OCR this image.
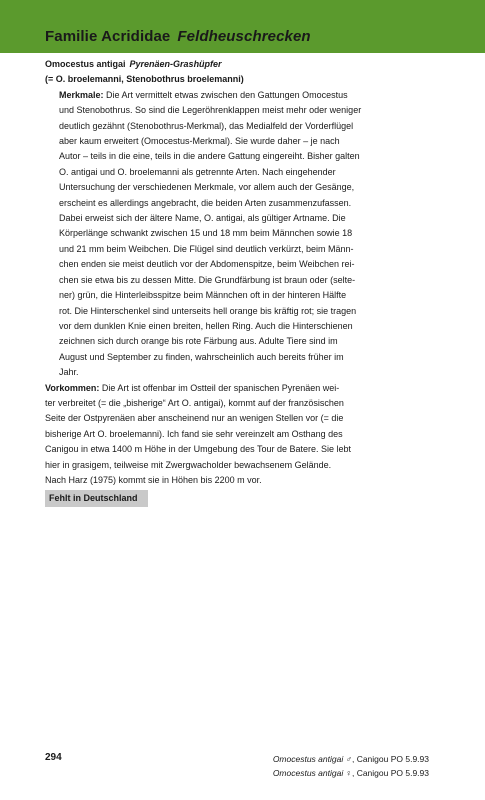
Familie Acrididae Feldheuschrecken
Omocestus antigai Pyrenäen-Grashüpfer
(= O. broelemanni, Stenobothrus broelemanni)
Merkmale: Die Art vermittelt etwas zwischen den Gattungen Omocestus
und Stenobothrus. So sind die Legeröhrenklappen meist mehr oder weniger
deutlich gezähnt (Stenobothrus-Merkmal), das Medialfeld der Vorderflügel
aber kaum erweitert (Omocestus-Merkmal). Sie wurde daher – je nach
Autor – teils in die eine, teils in die andere Gattung eingereiht. Bisher galten
O. antigai und O. broelemanni als getrennte Arten. Nach eingehender
Untersuchung der verschiedenen Merkmale, vor allem auch der Gesänge,
erscheint es allerdings angebracht, die beiden Arten zusammenzufassen.
Dabei erweist sich der ältere Name, O. antigai, als gültiger Artname. Die
Körperlänge schwankt zwischen 15 und 18 mm beim Männchen sowie 18
und 21 mm beim Weibchen. Die Flügel sind deutlich verkürzt, beim Männ-
chen enden sie meist deutlich vor der Abdomenspitze, beim Weibchen rei-
chen sie etwa bis zu dessen Mitte. Die Grundfärbung ist braun oder (selte-
ner) grün, die Hinterleibsspitze beim Männchen oft in der hinteren Hälfte
rot. Die Hinterschenkel sind unterseits hell orange bis kräftig rot; sie tragen
vor dem dunklen Knie einen breiten, hellen Ring. Auch die Hinterschienen
zeichnen sich durch orange bis rote Färbung aus. Adulte Tiere sind im
August und September zu finden, wahrscheinlich auch bereits früher im
Jahr.
Vorkommen: Die Art ist offenbar im Ostteil der spanischen Pyrenäen wei-
ter verbreitet (= die „bisherige“ Art O. antigai), kommt auf der französischen
Seite der Ostpyrenäen aber anscheinend nur an wenigen Stellen vor (= die
bisherige Art O. broelemanni). Ich fand sie sehr vereinzelt am Osthang des
Canigou in etwa 1400 m Höhe in der Umgebung des Tour de Batere. Sie lebt
hier in grasigem, teilweise mit Zwergwacholder bewachsenem Gelände.
Nach Harz (1975) kommt sie in Höhen bis 2200 m vor.
Fehlt in Deutschland
294	Omocestus antigai ♂, Canigou PO 5.9.93
Omocestus antigai ♀, Canigou PO 5.9.93
